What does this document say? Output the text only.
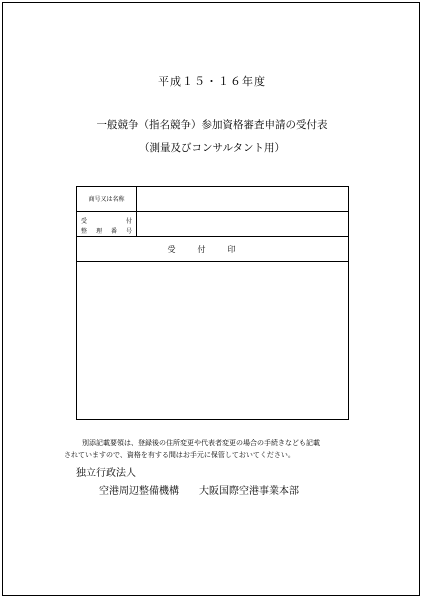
平成１５・１６年度
一般競争（指名競争）参加資格審査申請の受付表
（測量及びコンサルタント用）
商号又は名称
受	付
整 理 番 号
受付印
別添記載要領は、登録後の住所変更や代表者変更の場合の手続きなども記載
されていますので、資格を有する間はお手元に保管しておいてください。
独立行政法人
空港周辺整備機構 大阪国際空港事業本部
